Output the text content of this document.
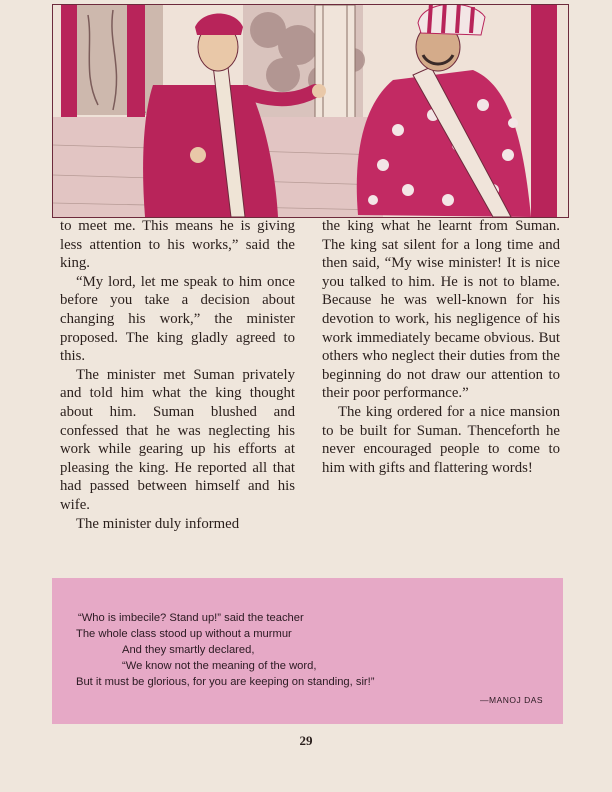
to meet me. This means he is giving less attention to his works,” said the king.

“My lord, let me speak to him once before you take a decision about changing his work,” the minister proposed. The king gladly agreed to this.

The minister met Suman privately and told him what the king thought about him. Suman blushed and confessed that he was neglecting his work while gearing up his efforts at pleasing the king. He reported all that had passed between himself and his wife.

The minister duly informed

the king what he learnt from Suman. The king sat silent for a long time and then said, “My wise minister! It is nice you talked to him. He is not to blame. Because he was well-known for his devotion to work, his negligence of his work immediately became obvious. But others who neglect their duties from the beginning do not draw our attention to their poor performance.”

The king ordered for a nice mansion to be built for Suman. Thenceforth he never encouraged people to come to him with gifts and flattering words!

“Who is imbecile? Stand up!” said the teacher
The whole class stood up without a murmur
And they smartly declared,
“We know not the meaning of the word,
But it must be glorious, for you are keeping on standing, sir!”
—MANOJ DAS
29
